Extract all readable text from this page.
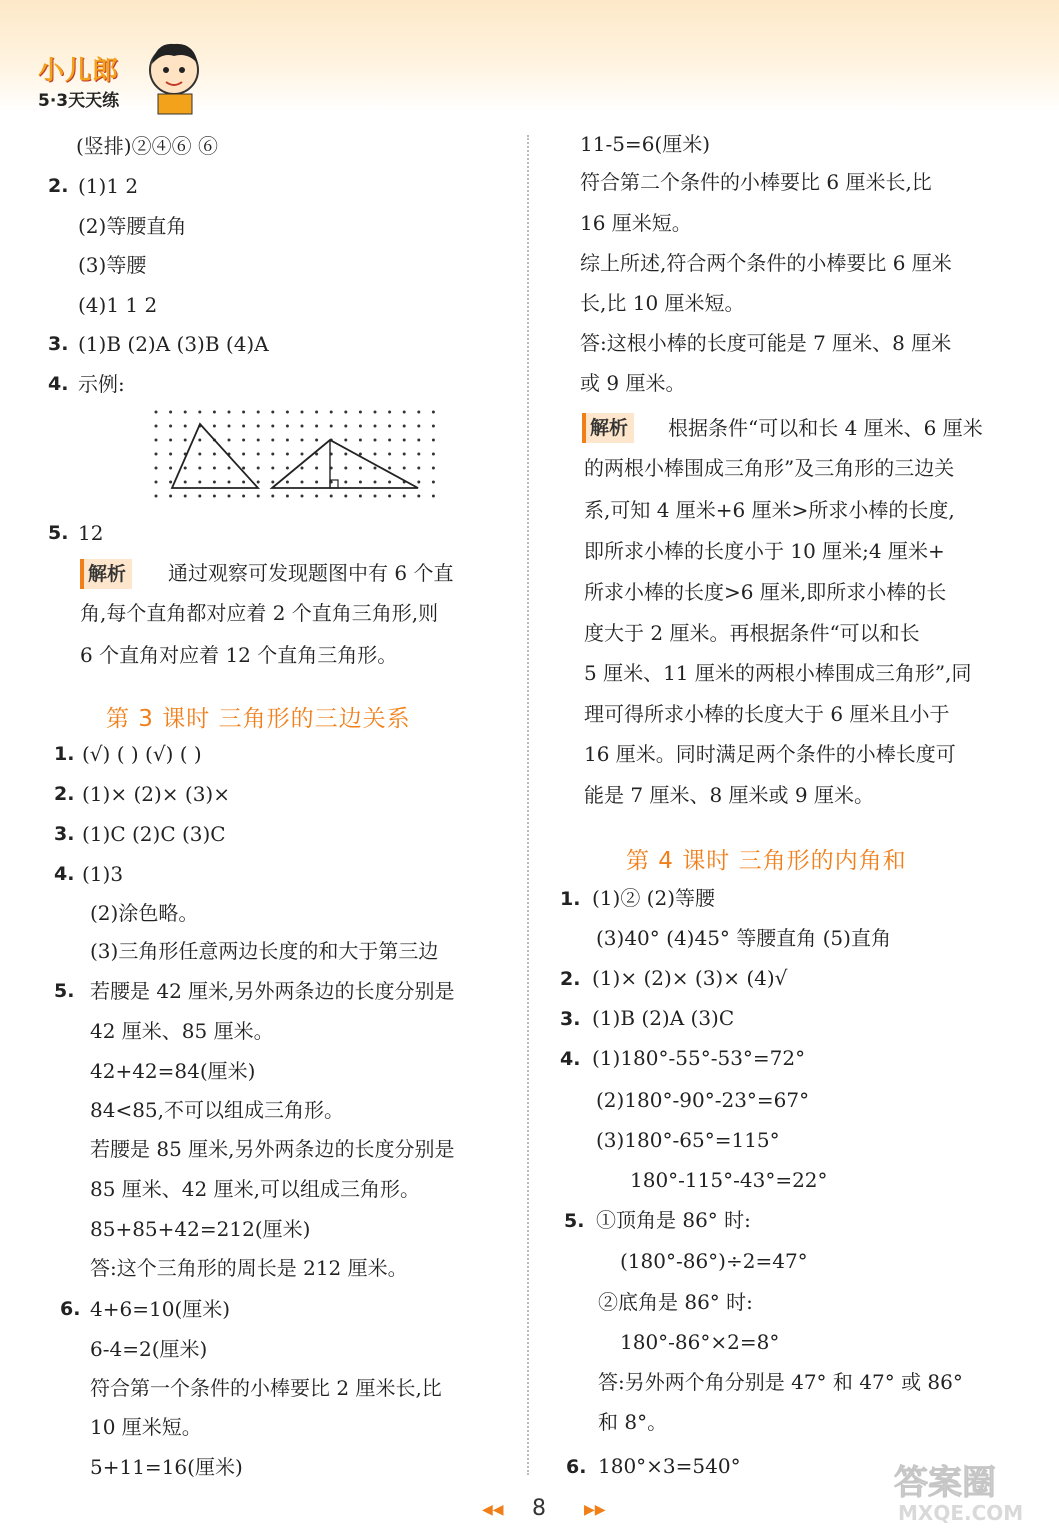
小儿郎
5·3天天练
(竖排)②④⑥ ⑥
2. (1)1 2
(2)等腰直角
(3)等腰
(4)1 1 2
3. (1)B (2)A (3)B (4)A
4. 示例:
5. 12
解析	通过观察可发现题图中有 6 个直
角,每个直角都对应着 2 个直角三角形,则
6 个直角对应着 12 个直角三角形。
第 3 课时 三角形的三边关系
1. (√) ( ) (√) ( )
2. (1)× (2)× (3)×
3. (1)C (2)C (3)C
4. (1)3
(2)涂色略。
(3)三角形任意两边长度的和大于第三边
5. 若腰是 42 厘米,另外两条边的长度分别是
42 厘米、85 厘米。
42+42=84(厘米)
84<85,不可以组成三角形。
若腰是 85 厘米,另外两条边的长度分别是
85 厘米、42 厘米,可以组成三角形。
85+85+42=212(厘米)
答:这个三角形的周长是 212 厘米。
6. 4+6=10(厘米)
6-4=2(厘米)
符合第一个条件的小棒要比 2 厘米长,比
10 厘米短。
5+11=16(厘米)
11-5=6(厘米)
符合第二个条件的小棒要比 6 厘米长,比
16 厘米短。
综上所述,符合两个条件的小棒要比 6 厘米
长,比 10 厘米短。
答:这根小棒的长度可能是 7 厘米、8 厘米
或 9 厘米。
解析	根据条件“可以和长 4 厘米、6 厘米
的两根小棒围成三角形”及三角形的三边关
系,可知 4 厘米+6 厘米>所求小棒的长度,
即所求小棒的长度小于 10 厘米;4 厘米+
所求小棒的长度>6 厘米,即所求小棒的长
度大于 2 厘米。再根据条件“可以和长
5 厘米、11 厘米的两根小棒围成三角形”,同
理可得所求小棒的长度大于 6 厘米且小于
16 厘米。同时满足两个条件的小棒长度可
能是 7 厘米、8 厘米或 9 厘米。
第 4 课时 三角形的内角和
1. (1)② (2)等腰
(3)40° (4)45° 等腰直角 (5)直角
2. (1)× (2)× (3)× (4)√
3. (1)B (2)A (3)C
4. (1)180°-55°-53°=72°
(2)180°-90°-23°=67°
(3)180°-65°=115°
180°-115°-43°=22°
5. ①顶角是 86° 时:
(180°-86°)÷2=47°
②底角是 86° 时:
180°-86°×2=8°
答:另外两个角分别是 47° 和 47° 或 86°
和 8°。
6. 180°×3=540°
◀◀	8	▶▶
答案圈
MXQE.COM
